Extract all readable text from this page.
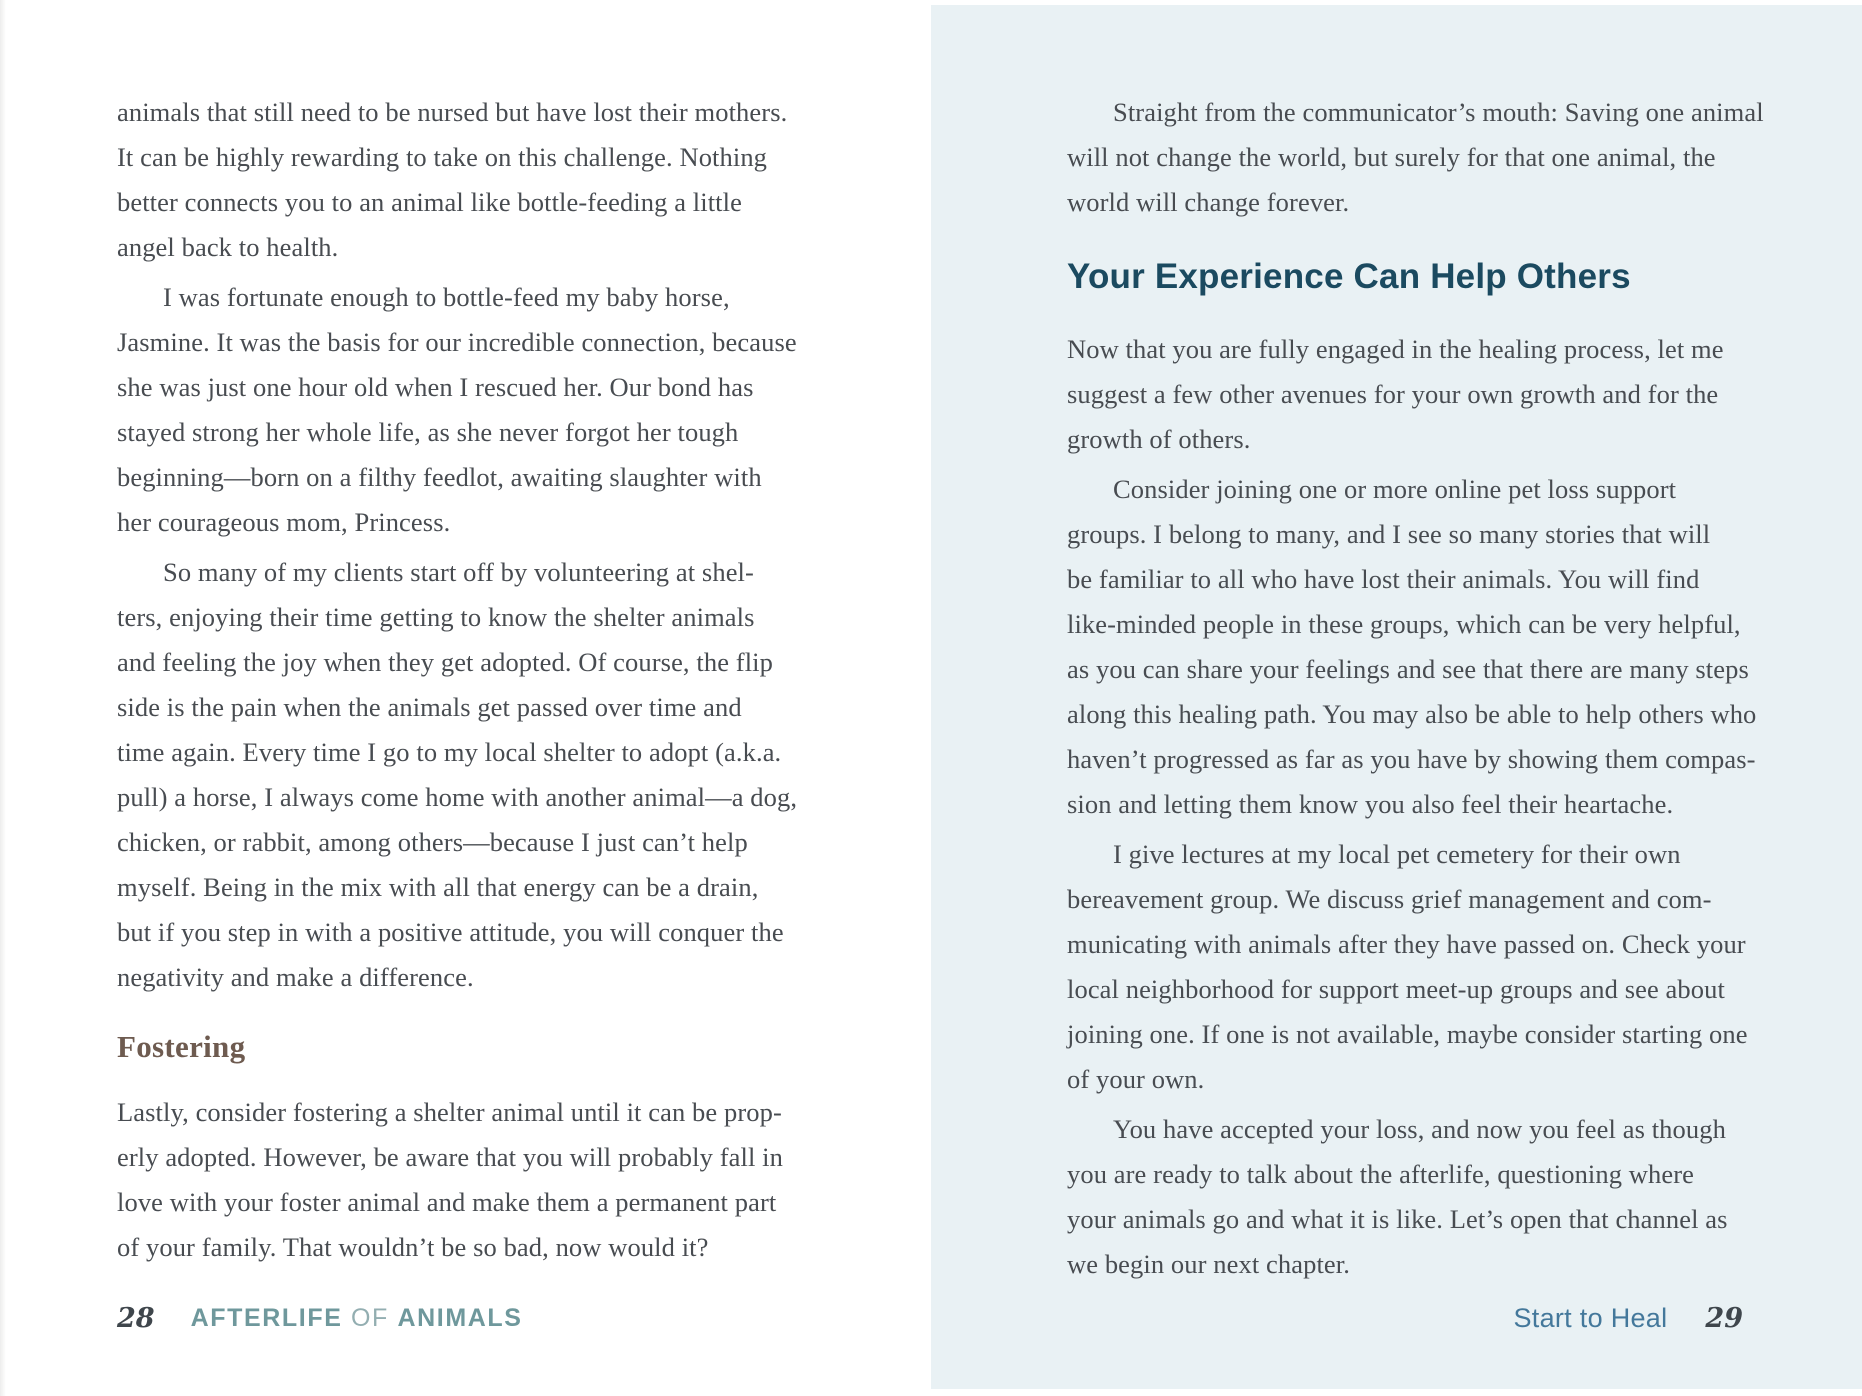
animals that still need to be nursed but have lost their mothers.
It can be highly rewarding to take on this challenge. Nothing
better connects you to an animal like bottle-feeding a little
angel back to health.
I was fortunate enough to bottle-feed my baby horse,
Jasmine. It was the basis for our incredible connection, because
she was just one hour old when I rescued her. Our bond has
stayed strong her whole life, as she never forgot her tough
beginning—born on a filthy feedlot, awaiting slaughter with
her courageous mom, Princess.
So many of my clients start off by volunteering at shel-
ters, enjoying their time getting to know the shelter animals
and feeling the joy when they get adopted. Of course, the flip
side is the pain when the animals get passed over time and
time again. Every time I go to my local shelter to adopt (a.k.a.
pull) a horse, I always come home with another animal—a dog,
chicken, or rabbit, among others—because I just can’t help
myself. Being in the mix with all that energy can be a drain,
but if you step in with a positive attitude, you will conquer the
negativity and make a difference.
Fostering
Lastly, consider fostering a shelter animal until it can be prop-
erly adopted. However, be aware that you will probably fall in
love with your foster animal and make them a permanent part
of your family. That wouldn’t be so bad, now would it?
28 AFTERLIFE OF ANIMALS
Straight from the communicator’s mouth: Saving one animal
will not change the world, but surely for that one animal, the
world will change forever.
Your Experience Can Help Others
Now that you are fully engaged in the healing process, let me
suggest a few other avenues for your own growth and for the
growth of others.
Consider joining one or more online pet loss support
groups. I belong to many, and I see so many stories that will
be familiar to all who have lost their animals. You will find
like-minded people in these groups, which can be very helpful,
as you can share your feelings and see that there are many steps
along this healing path. You may also be able to help others who
haven’t progressed as far as you have by showing them compas-
sion and letting them know you also feel their heartache.
I give lectures at my local pet cemetery for their own
bereavement group. We discuss grief management and com-
municating with animals after they have passed on. Check your
local neighborhood for support meet-up groups and see about
joining one. If one is not available, maybe consider starting one
of your own.
You have accepted your loss, and now you feel as though
you are ready to talk about the afterlife, questioning where
your animals go and what it is like. Let’s open that channel as
we begin our next chapter.
Start to Heal 29
